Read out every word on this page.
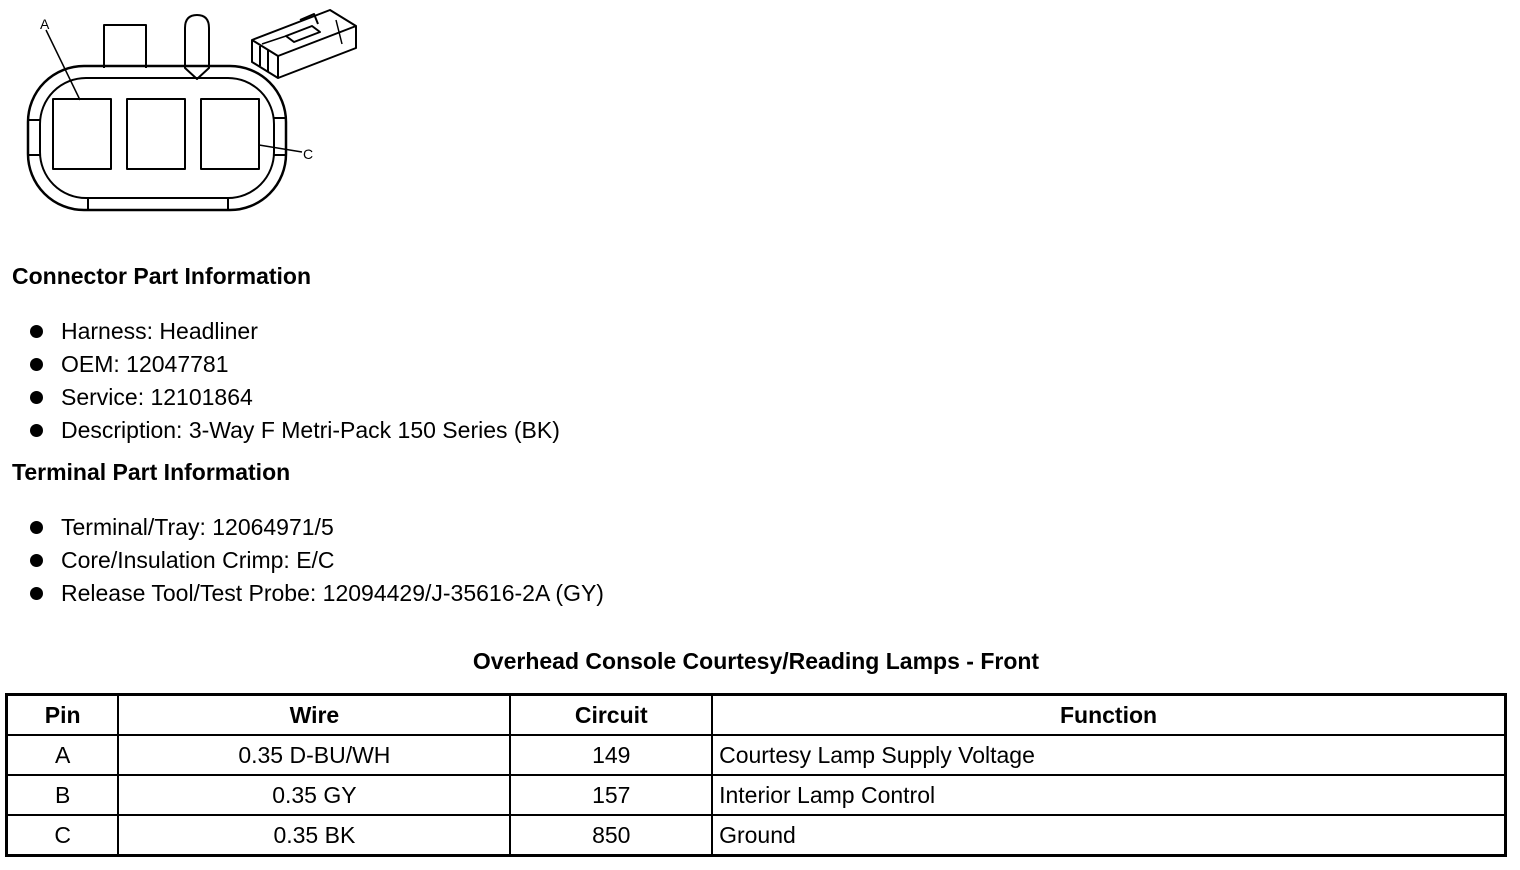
A
C
Connector Part Information
Harness: Headliner
OEM: 12047781
Service: 12101864
Description: 3-Way F Metri-Pack 150 Series (BK)
Terminal Part Information
Terminal/Tray: 12064971/5
Core/Insulation Crimp: E/C
Release Tool/Test Probe: 12094429/J-35616-2A (GY)
Overhead Console Courtesy/Reading Lamps - Front
Pin	Wire	Circuit	Function
A	0.35 D-BU/WH	149	Courtesy Lamp Supply Voltage
B	0.35 GY	157	Interior Lamp Control
C	0.35 BK	850	Ground
